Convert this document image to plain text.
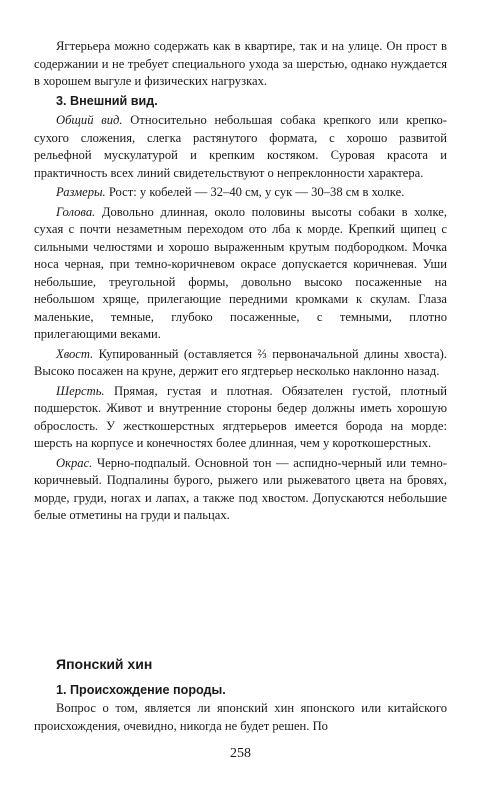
Ягтерьера можно содержать как в квартире, так и на улице. Он прост в содержании и не требует специального ухода за шерстью, однако нуждается в хорошем выгуле и физических нагрузках.

3. Внешний вид.

Общий вид. Относительно небольшая собака крепкого или крепко-сухого сложения, слегка растянутого формата, с хорошо развитой рельефной мускулатурой и крепким костяком. Суровая красота и практичность всех линий свидетельствуют о непреклонности характера.

Размеры. Рост: у кобелей — 32–40 см, у сук — 30–38 см в холке.

Голова. Довольно длинная, около половины высоты собаки в холке, сухая с почти незаметным переходом ото лба к морде. Крепкий щипец с сильными челюстями и хорошо выраженным крутым подбородком. Мочка носа черная, при темно-коричневом окрасе допускается коричневая. Уши небольшие, треугольной формы, довольно высоко посаженные на небольшом хряще, прилегающие передними кромками к скулам. Глаза маленькие, темные, глубоко посаженные, с темными, плотно прилегающими веками.

Хвост. Купированный (оставляется ⅔ первоначальной длины хвоста). Высоко посажен на круне, держит его ягдтерьер несколько наклонно назад.

Шерсть. Прямая, густая и плотная. Обязателен густой, плотный подшерсток. Живот и внутренние стороны бедер должны иметь хорошую оброслость. У жесткошерстных ягдтерьеров имеется борода на морде: шерсть на корпусе и конечностях более длинная, чем у короткошерстных.

Окрас. Черно-подпалый. Основной тон — аспидно-черный или темно-коричневый. Подпалины бурого, рыжего или рыжеватого цвета на бровях, морде, груди, ногах и лапах, а также под хвостом. Допускаются небольшие белые отметины на груди и пальцах.

Японский хин
1. Происхождение породы.

Вопрос о том, является ли японский хин японского или китайского происхождения, очевидно, никогда не будет решен. По

258
